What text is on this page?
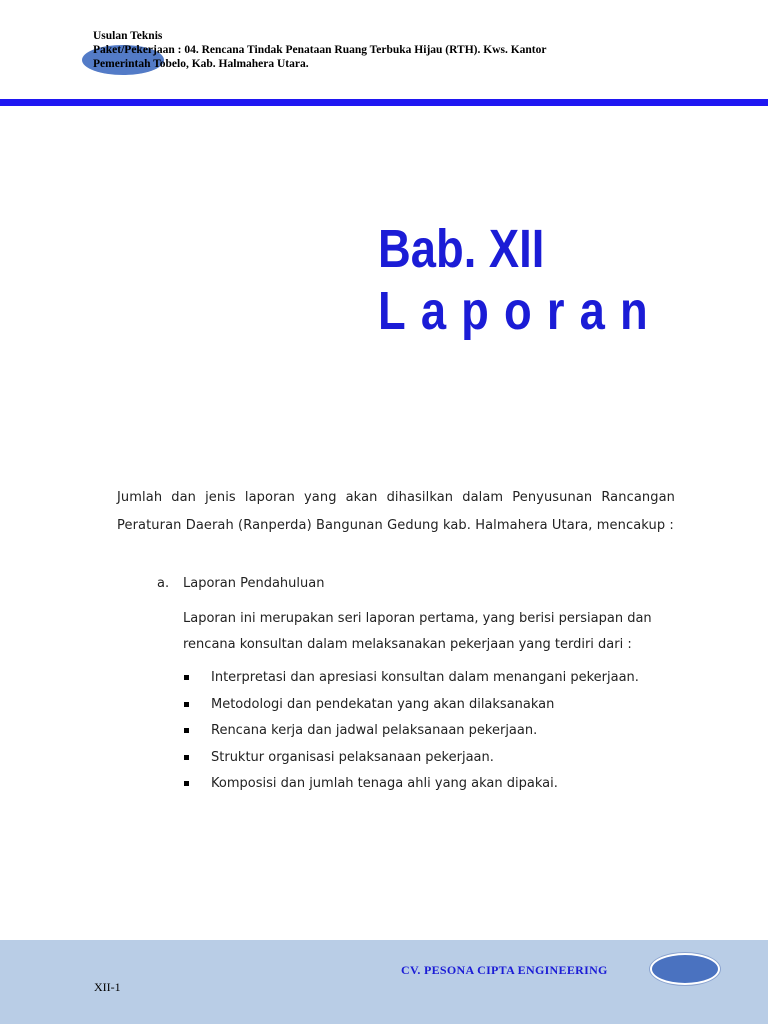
Usulan Teknis
Paket/Pekerjaan : 04. Rencana Tindak Penataan Ruang Terbuka Hijau (RTH). Kws. Kantor
Pemerintah Tobelo, Kab. Halmahera Utara.
Bab. XII
Laporan
Jumlah dan jenis laporan yang akan dihasilkan dalam Penyusunan Rancangan Peraturan Daerah (Ranperda) Bangunan Gedung kab. Halmahera Utara, mencakup :
a. Laporan Pendahuluan
Laporan ini merupakan seri laporan pertama, yang berisi persiapan dan rencana konsultan dalam melaksanakan pekerjaan yang terdiri dari :
Interpretasi dan apresiasi konsultan dalam menangani pekerjaan.
Metodologi dan pendekatan yang akan dilaksanakan
Rencana kerja dan jadwal pelaksanaan pekerjaan.
Struktur organisasi pelaksanaan pekerjaan.
Komposisi dan jumlah tenaga ahli yang akan dipakai.
CV. PESONA CIPTA ENGINEERING
XII-1
